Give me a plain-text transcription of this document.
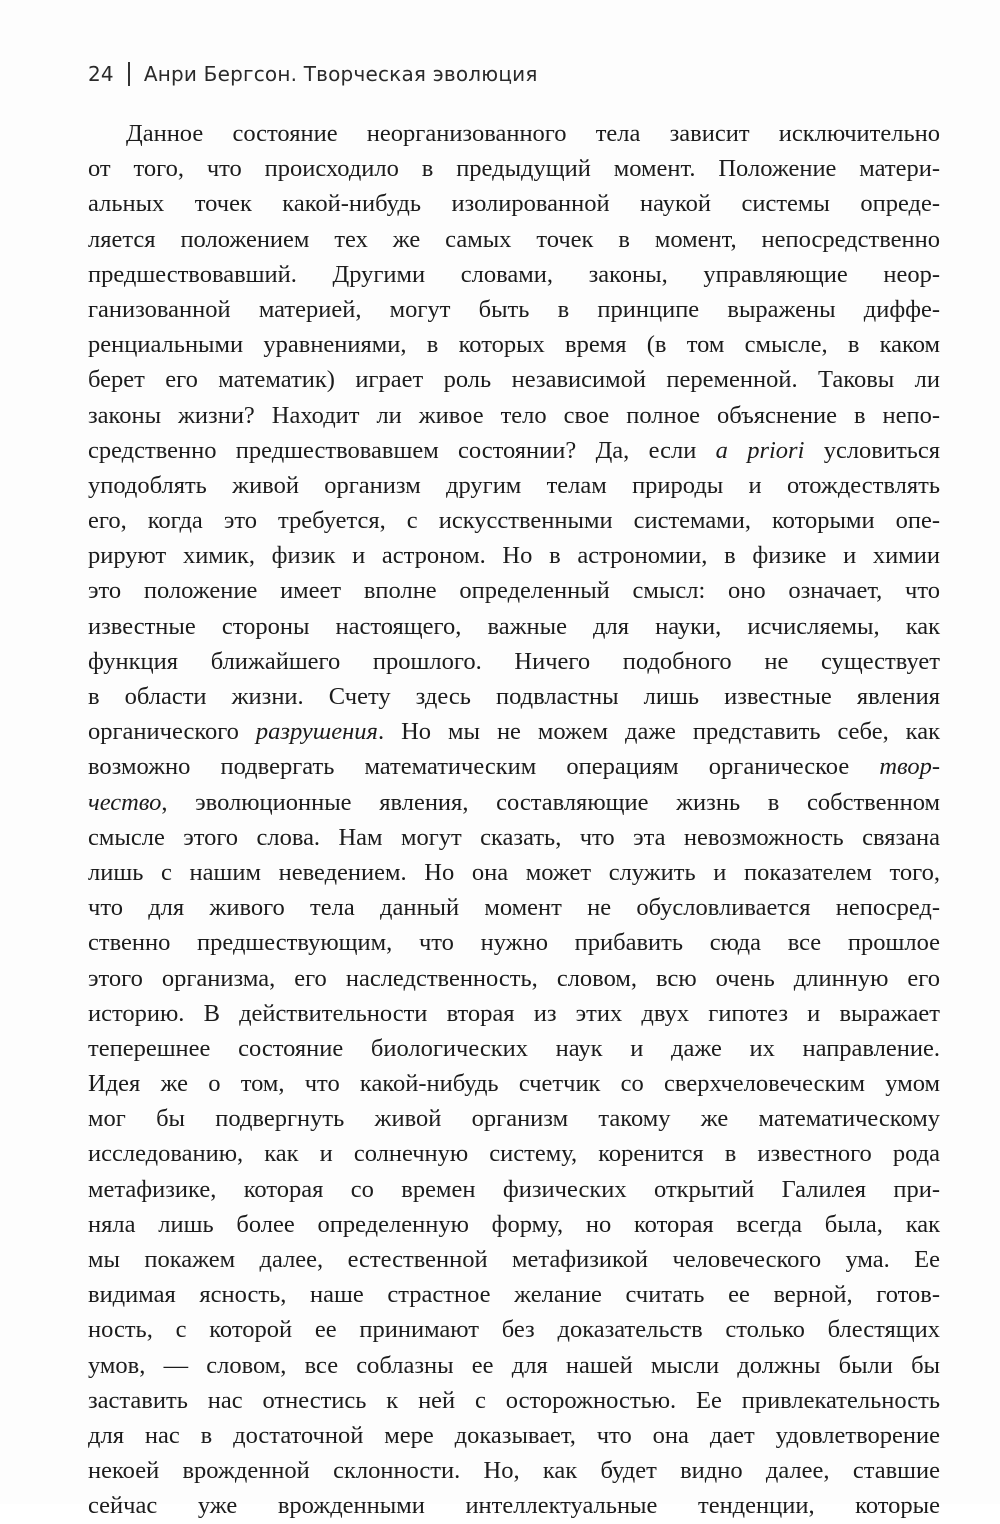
24 Анри Бергсон. Творческая эволюция
Данное состояние неорганизованного тела зависит исключительно
от того, что происходило в предыдущий момент. Положение матери-
альных точек какой-нибудь изолированной наукой системы опреде-
ляется положением тех же самых точек в момент, непосредственно
предшествовавший. Другими словами, законы, управляющие неор-
ганизованной материей, могут быть в принципе выражены диффе-
ренциальными уравнениями, в которых время (в том смысле, в каком
берет его математик) играет роль независимой переменной. Таковы ли
законы жизни? Находит ли живое тело свое полное объяснение в непо-
средственно предшествовавшем состоянии? Да, если a priori условиться
уподоблять живой организм другим телам природы и отождествлять
его, когда это требуется, с искусственными системами, которыми опе-
рируют химик, физик и астроном. Но в астрономии, в физике и химии
это положение имеет вполне определенный смысл: оно означает, что
известные стороны настоящего, важные для науки, исчисляемы, как
функция ближайшего прошлого. Ничего подобного не существует
в области жизни. Счету здесь подвластны лишь известные явления
органического разрушения. Но мы не можем даже представить себе, как
возможно подвергать математическим операциям органическое твор-
чество, эволюционные явления, составляющие жизнь в собственном
смысле этого слова. Нам могут сказать, что эта невозможность связана
лишь с нашим неведением. Но она может служить и показателем того,
что для живого тела данный момент не обусловливается непосред-
ственно предшествующим, что нужно прибавить сюда все прошлое
этого организма, его наследственность, словом, всю очень длинную его
историю. В действительности вторая из этих двух гипотез и выражает
теперешнее состояние биологических наук и даже их направление.
Идея же о том, что какой-нибудь счетчик со сверхчеловеческим умом
мог бы подвергнуть живой организм такому же математическому
исследованию, как и солнечную систему, коренится в известного рода
метафизике, которая со времен физических открытий Галилея при-
няла лишь более определенную форму, но которая всегда была, как
мы покажем далее, естественной метафизикой человеческого ума. Ее
видимая ясность, наше страстное желание считать ее верной, готов-
ность, с которой ее принимают без доказательств столько блестящих
умов, — словом, все соблазны ее для нашей мысли должны были бы
заставить нас отнестись к ней с осторожностью. Ее привлекательность
для нас в достаточной мере доказывает, что она дает удовлетворение
некоей врожденной склонности. Но, как будет видно далее, ставшие
сейчас уже врожденными интеллектуальные тенденции, которые
